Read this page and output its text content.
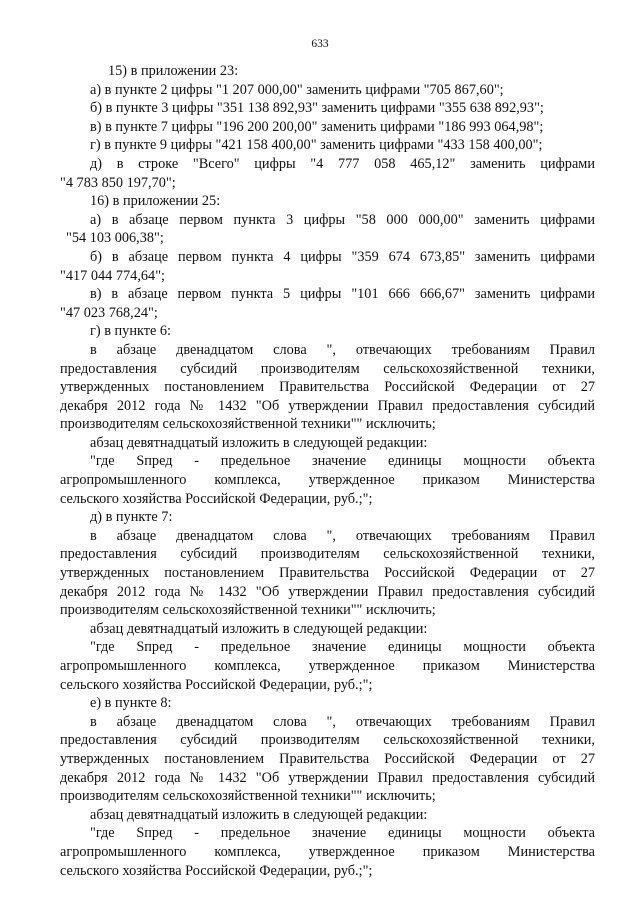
633
15) в приложении 23:
а) в пункте 2 цифры "1 207 000,00" заменить цифрами "705 867,60";
б) в пункте 3 цифры "351 138 892,93" заменить цифрами "355 638 892,93";
в) в пункте 7 цифры "196 200 200,00" заменить цифрами "186 993 064,98";
г) в пункте 9 цифры "421 158 400,00" заменить цифрами "433 158 400,00";
д) в строке "Всего" цифры "4 777 058 465,12" заменить цифрами
"4 783 850 197,70";
16) в приложении 25:
а) в абзаце первом пункта 3 цифры "58 000 000,00" заменить цифрами
"54 103 006,38";
б) в абзаце первом пункта 4 цифры "359 674 673,85" заменить цифрами
"417 044 774,64";
в) в абзаце первом пункта 5 цифры "101 666 666,67" заменить цифрами
"47 023 768,24";
г) в пункте 6:
в абзаце двенадцатом слова ", отвечающих требованиям Правил
предоставления субсидий производителям сельскохозяйственной техники,
утвержденных постановлением Правительства Российской Федерации от 27
декабря 2012 года № 1432 "Об утверждении Правил предоставления субсидий
производителям сельскохозяйственной техники"" исключить;
абзац девятнадцатый изложить в следующей редакции:
"где Sпред - предельное значение единицы мощности объекта
агропромышленного комплекса, утвержденное приказом Министерства
сельского хозяйства Российской Федерации, руб.;";
д) в пункте 7:
в абзаце двенадцатом слова ", отвечающих требованиям Правил
предоставления субсидий производителям сельскохозяйственной техники,
утвержденных постановлением Правительства Российской Федерации от 27
декабря 2012 года № 1432 "Об утверждении Правил предоставления субсидий
производителям сельскохозяйственной техники"" исключить;
абзац девятнадцатый изложить в следующей редакции:
"где Sпред - предельное значение единицы мощности объекта
агропромышленного комплекса, утвержденное приказом Министерства
сельского хозяйства Российской Федерации, руб.;";
е) в пункте 8:
в абзаце двенадцатом слова ", отвечающих требованиям Правил
предоставления субсидий производителям сельскохозяйственной техники,
утвержденных постановлением Правительства Российской Федерации от 27
декабря 2012 года № 1432 "Об утверждении Правил предоставления субсидий
производителям сельскохозяйственной техники"" исключить;
абзац девятнадцатый изложить в следующей редакции:
"где Sпред - предельное значение единицы мощности объекта
агропромышленного комплекса, утвержденное приказом Министерства
сельского хозяйства Российской Федерации, руб.;";
